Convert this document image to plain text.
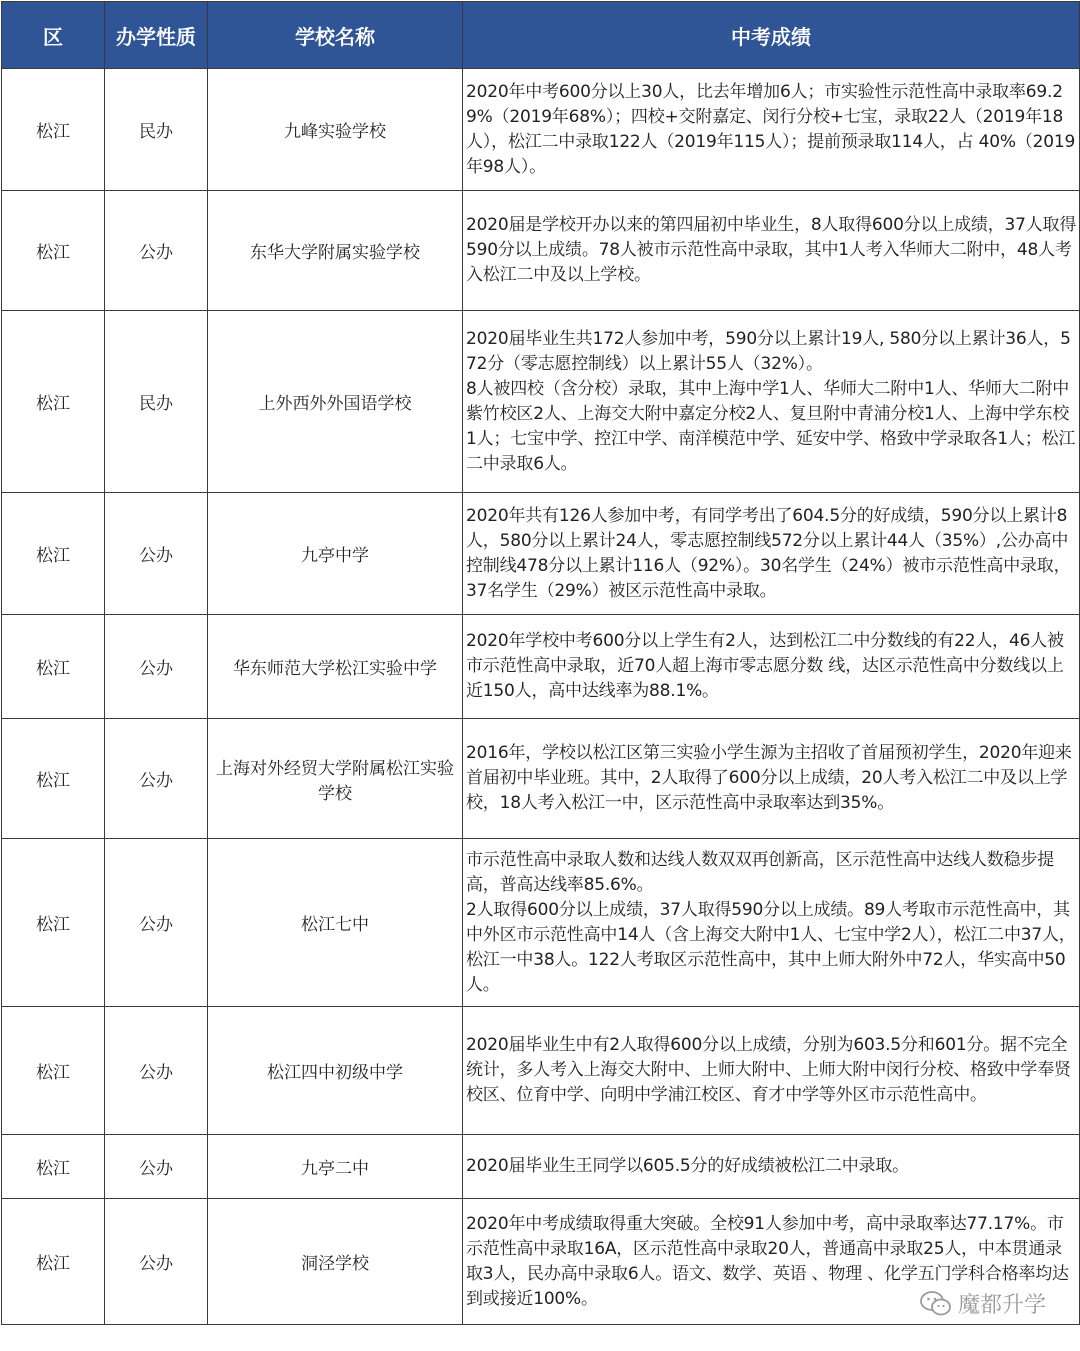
区	办学性质	学校名称	中考成绩
松江	民办	九峰实验学校	2020年中考600分以上30人，比去年增加6人；市实验性示范性高中录取率69.29%（2019年68%）；四校+交附嘉定、闵行分校+七宝，录取22人（2019年18人），松江二中录取122人（2019年115人）；提前预录取114人，占 40%（2019年98人）。

松江	公办	东华大学附属实验学校	2020届是学校开办以来的第四届初中毕业生，8人取得600分以上成绩，37人取得590分以上成绩。78人被市示范性高中录取，其中1人考入华师大二附中，48人考入松江二中及以上学校。

松江	民办	上外西外外国语学校	2020届毕业生共172人参加中考，590分以上累计19人, 580分以上累计36人，572分（零志愿控制线）以上累计55人（32%）。
8人被四校（含分校）录取，其中上海中学1人、华师大二附中1人、华师大二附中紫竹校区2人、上海交大附中嘉定分校2人、复旦附中青浦分校1人、上海中学东校1人；七宝中学、控江中学、南洋模范中学、延安中学、格致中学录取各1人；松江二中录取6人。

松江	公办	九亭中学	2020年共有126人参加中考，有同学考出了604.5分的好成绩，590分以上累计8人，580分以上累计24人，零志愿控制线572分以上累计44人（35%）,公办高中控制线478分以上累计116人（92%）。30名学生（24%）被市示范性高中录取，37名学生（29%）被区示范性高中录取。

松江	公办	华东师范大学松江实验中学	2020年学校中考600分以上学生有2人，达到松江二中分数线的有22人，46人被市示范性高中录取，近70人超上海市零志愿分数 线，达区示范性高中分数线以上近150人，高中达线率为88.1%。

松江	公办	上海对外经贸大学附属松江实验学校	2016年，学校以松江区第三实验小学生源为主招收了首届预初学生，2020年迎来首届初中毕业班。其中，2人取得了600分以上成绩，20人考入松江二中及以上学校，18人考入松江一中，区示范性高中录取率达到35%。

松江	公办	松江七中	市示范性高中录取人数和达线人数双双再创新高，区示范性高中达线人数稳步提高，普高达线率85.6%。
2人取得600分以上成绩，37人取得590分以上成绩。89人考取市示范性高中，其中外区市示范性高中14人（含上海交大附中1人、七宝中学2人），松江二中37人，松江一中38人。122人考取区示范性高中，其中上师大附外中72人，华实高中50人。

松江	公办	松江四中初级中学	2020届毕业生中有2人取得600分以上成绩，分别为603.5分和601分。据不完全统计，多人考入上海交大附中、上师大附中、上师大附中闵行分校、格致中学奉贤校区、位育中学、向明中学浦江校区、育才中学等外区市示范性高中。

松江	公办	九亭二中	2020届毕业生王同学以605.5分的好成绩被松江二中录取。

松江	公办	洞泾学校	2020年中考成绩取得重大突破。全校91人参加中考，高中录取率达77.17%。市示范性高中录取16A，区示范性高中录取20人，普通高中录取25人，中本贯通录取3人，民办高中录取6人。语文、数学、英语 、物理 、化学五门学科合格率均达到或接近100%。	魔都升学
